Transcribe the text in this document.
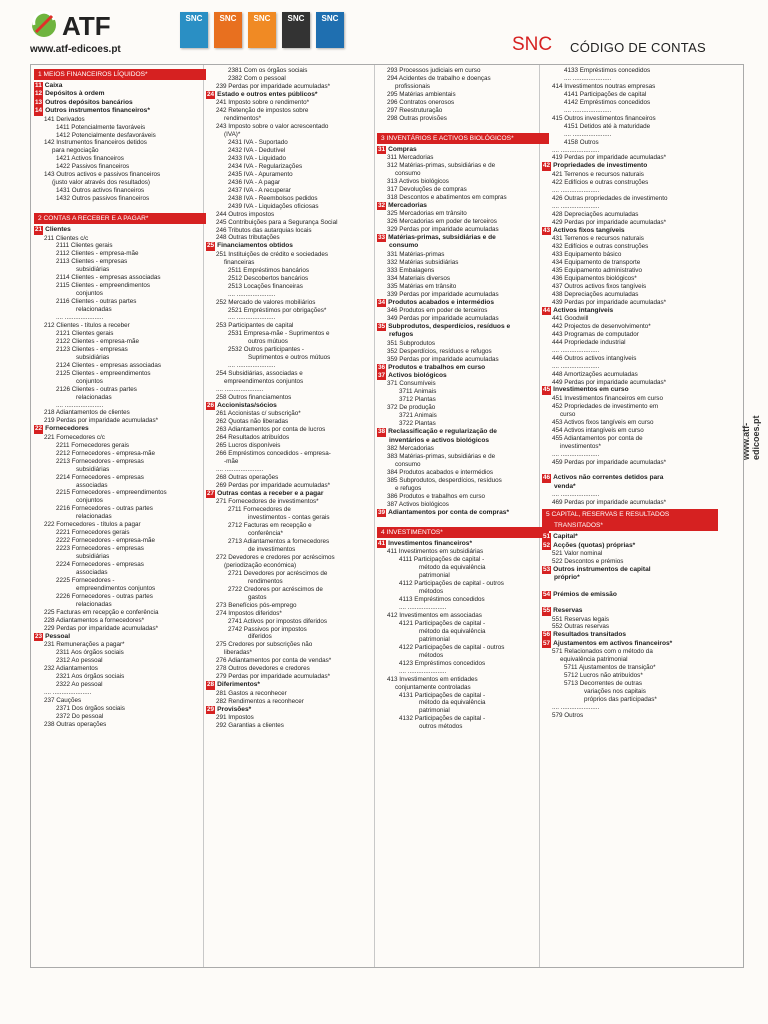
ATF
www.atf-edicoes.pt
SNC	SNC	SNC	SNC	SNC
SNC CÓDIGO DE CONTAS
1 MEIOS FINANCEIROS LÍQUIDOS*
11 Caixa
12 Depósitos à ordem
13 Outros depósitos bancários
14 Outros instrumentos financeiros*
141 Derivados
1411 Potencialmente favoráveis
1412 Potencialmente desfavoráveis
142 Instrumentos financeiros detidos
para negociação
1421 Activos financeiros
1422 Passivos financeiros
143 Outros activos e passivos financeiros
(justo valor através dos resultados)
1431 Outros activos financeiros
1432 Outros passivos financeiros
2 CONTAS A RECEBER E A PAGAR*
21 Clientes
211 Clientes c/c
2111 Clientes gerais
2112 Clientes - empresa-mãe
2113 Clientes - empresas
subsidiárias
2114 Clientes - empresas associadas
2115 Clientes - empreendimentos
conjuntos
2116 Clientes - outras partes
relacionadas
.... ......................
212 Clientes - títulos a receber
2121 Clientes gerais
2122 Clientes - empresa-mãe
2123 Clientes - empresas
subsidiárias
2124 Clientes - empresas associadas
2125 Clientes - empreendimentos
conjuntos
2126 Clientes - outras partes
relacionadas
.... ......................
218 Adiantamentos de clientes
219 Perdas por imparidade acumuladas*
22 Fornecedores
221 Fornecedores c/c
2211 Fornecedores gerais
2212 Fornecedores - empresa-mãe
2213 Fornecedores - empresas
subsidiárias
2214 Fornecedores - empresas
associadas
2215 Fornecedores - empreendimentos
conjuntos
2216 Fornecedores - outras partes
relacionadas
222 Fornecedores - títulos a pagar
2221 Fornecedores gerais
2222 Fornecedores - empresa-mãe
2223 Fornecedores - empresas
subsidiárias
2224 Fornecedores - empresas
associadas
2225 Fornecedores -
empreendimentos conjuntos
2226 Fornecedores - outras partes
relacionadas
225 Facturas em recepção e conferência
228 Adiantamentos a fornecedores*
229 Perdas por imparidade acumuladas*
23 Pessoal
231 Remunerações a pagar*
2311 Aos órgãos sociais
2312 Ao pessoal
232 Adiantamentos
2321 Aos órgãos sociais
2322 Ao pessoal
.... ......................
237 Cauções
2371 Dos órgãos sociais
2372 Do pessoal
238 Outras operações
2381 Com os órgãos sociais
2382 Com o pessoal
239 Perdas por imparidade acumuladas*
24 Estado e outros entes públicos*
241 Imposto sobre o rendimento*
242 Retenção de impostos sobre
rendimentos*
243 Imposto sobre o valor acrescentado
(IVA)*
2431 IVA - Suportado
2432 IVA - Dedutível
2433 IVA - Liquidado
2434 IVA - Regularizações
2435 IVA - Apuramento
2436 IVA - A pagar
2437 IVA - A recuperar
2438 IVA - Reembolsos pedidos
2439 IVA - Liquidações oficiosas
244 Outros impostos
245 Contribuições para a Segurança Social
246 Tributos das autarquias locais
248 Outras tributações
25 Financiamentos obtidos
251 Instituições de crédito e sociedades
financeiras
2511 Empréstimos bancários
2512 Descobertos bancários
2513 Locações financeiras
.... ......................
252 Mercado de valores mobiliários
2521 Empréstimos por obrigações*
.... ......................
253 Participantes de capital
2531 Empresa-mãe - Suprimentos e
outros mútuos
2532 Outros participantes -
Suprimentos e outros mútuos
.... ......................
254 Subsidiárias, associadas e
empreendimentos conjuntos
.... ......................
258 Outros financiamentos
26 Accionistas/sócios
261 Accionistas c/ subscrição*
262 Quotas não liberadas
263 Adiantamentos por conta de lucros
264 Resultados atribuídos
265 Lucros disponíveis
266 Empréstimos concedidos - empresa-
-mãe
.... ......................
268 Outras operações
269 Perdas por imparidade acumuladas*
27 Outras contas a receber e a pagar
271 Fornecedores de investimentos*
2711 Fornecedores de
investimentos - contas gerais
2712 Facturas em recepção e
conferência*
2713 Adiantamentos a fornecedores
de investimentos
272 Devedores e credores por acréscimos
(periodização económica)
2721 Devedores por acréscimos de
rendimentos
2722 Credores por acréscimos de
gastos
273 Benefícios pós-emprego
274 Impostos diferidos*
2741 Activos por impostos diferidos
2742 Passivos por impostos
diferidos
275 Credores por subscrições não
liberadas*
276 Adiantamentos por conta de vendas*
278 Outros devedores e credores
279 Perdas por imparidade acumuladas*
28 Diferimentos*
281 Gastos a reconhecer
282 Rendimentos a reconhecer
29 Provisões*
291 Impostos
292 Garantias a clientes
293 Processos judiciais em curso
294 Acidentes de trabalho e doenças
profissionais
295 Matérias ambientais
296 Contratos onerosos
297 Reestruturação
298 Outras provisões
3 INVENTÁRIOS E ACTIVOS BIOLÓGICOS*
31 Compras
311 Mercadorias
312 Matérias-primas, subsidiárias e de
consumo
313 Activos biológicos
317 Devoluções de compras
318 Descontos e abatimentos em compras
32 Mercadorias
325 Mercadorias em trânsito
326 Mercadorias em poder de terceiros
329 Perdas por imparidade acumuladas
33 Matérias-primas, subsidiárias e de
consumo
331 Matérias-primas
332 Matérias subsidiárias
333 Embalagens
334 Materiais diversos
335 Matérias em trânsito
339 Perdas por imparidade acumuladas
34 Produtos acabados e intermédios
346 Produtos em poder de terceiros
349 Perdas por imparidade acumuladas
35 Subprodutos, desperdícios, resíduos e
refugos
351 Subprodutos
352 Desperdícios, resíduos e refugos
359 Perdas por imparidade acumuladas
36 Produtos e trabalhos em curso
37 Activos biológicos
371 Consumíveis
3711 Animais
3712 Plantas
372 De produção
3721 Animais
3722 Plantas
38 Reclassificação e regularização de
inventários e activos biológicos
382 Mercadorias
383 Matérias-primas, subsidiárias e de
consumo
384 Produtos acabados e intermédios
385 Subprodutos, desperdícios, resíduos
e refugos
386 Produtos e trabalhos em curso
387 Activos biológicos
39 Adiantamentos por conta de compras*
4 INVESTIMENTOS*
41 Investimentos financeiros*
411 Investimentos em subsidiárias
4111 Participações de capital -
método da equivalência
patrimonial
4112 Participações de capital - outros
métodos
4113 Empréstimos concedidos
.... ......................
412 Investimentos em associadas
4121 Participações de capital -
método da equivalência
patrimonial
4122 Participações de capital - outros
métodos
4123 Empréstimos concedidos
.... ......................
413 Investimentos em entidades
conjuntamente controladas
4131 Participações de capital -
método da equivalência
patrimonial
4132 Participações de capital -
outros métodos
4133 Empréstimos concedidos
.... ......................
414 Investimentos noutras empresas
4141 Participações de capital
4142 Empréstimos concedidos
.... ......................
415 Outros investimentos financeiros
4151 Detidos até à maturidade
.... ......................
4158 Outros
.... ......................
419 Perdas por imparidade acumuladas*
42 Propriedades de investimento
421 Terrenos e recursos naturais
422 Edifícios e outras construções
.... ......................
426 Outras propriedades de investimento
.... ......................
428 Depreciações acumuladas
429 Perdas por imparidade acumuladas*
43 Activos fixos tangíveis
431 Terrenos e recursos naturais
432 Edifícios e outras construções
433 Equipamento básico
434 Equipamento de transporte
435 Equipamento administrativo
436 Equipamentos biológicos*
437 Outros activos fixos tangíveis
438 Depreciações acumuladas
439 Perdas por imparidade acumuladas*
44 Activos intangíveis
441 Goodwill
442 Projectos de desenvolvimento*
443 Programas de computador
444 Propriedade industrial
.... ......................
446 Outros activos intangíveis
.... ......................
448 Amortizações acumuladas
449 Perdas por imparidade acumuladas*
45 Investimentos em curso
451 Investimentos financeiros em curso
452 Propriedades de investimento em
curso
453 Activos fixos tangíveis em curso
454 Activos intangíveis em curso
455 Adiantamentos por conta de
investimentos*
.... ......................
459 Perdas por imparidade acumuladas*
46 Activos não correntes detidos para
venda*
.... ......................
469 Perdas por imparidade acumuladas*
5 CAPITAL, RESERVAS E RESULTADOS
TRANSITADOS*
51 Capital*
52 Acções (quotas) próprias*
521 Valor nominal
522 Descontos e prémios
53 Outros instrumentos de capital
próprio*
54 Prémios de emissão
55 Reservas
551 Reservas legais
552 Outras reservas
56 Resultados transitados
57 Ajustamentos em activos financeiros*
571 Relacionados com o método da
equivalência patrimonial
5711 Ajustamentos de transição*
5712 Lucros não atribuídos*
5713 Decorrentes de outras
variações nos capitais
próprios das participadas*
.... ......................
579 Outros
www.atf-edicoes.pt
